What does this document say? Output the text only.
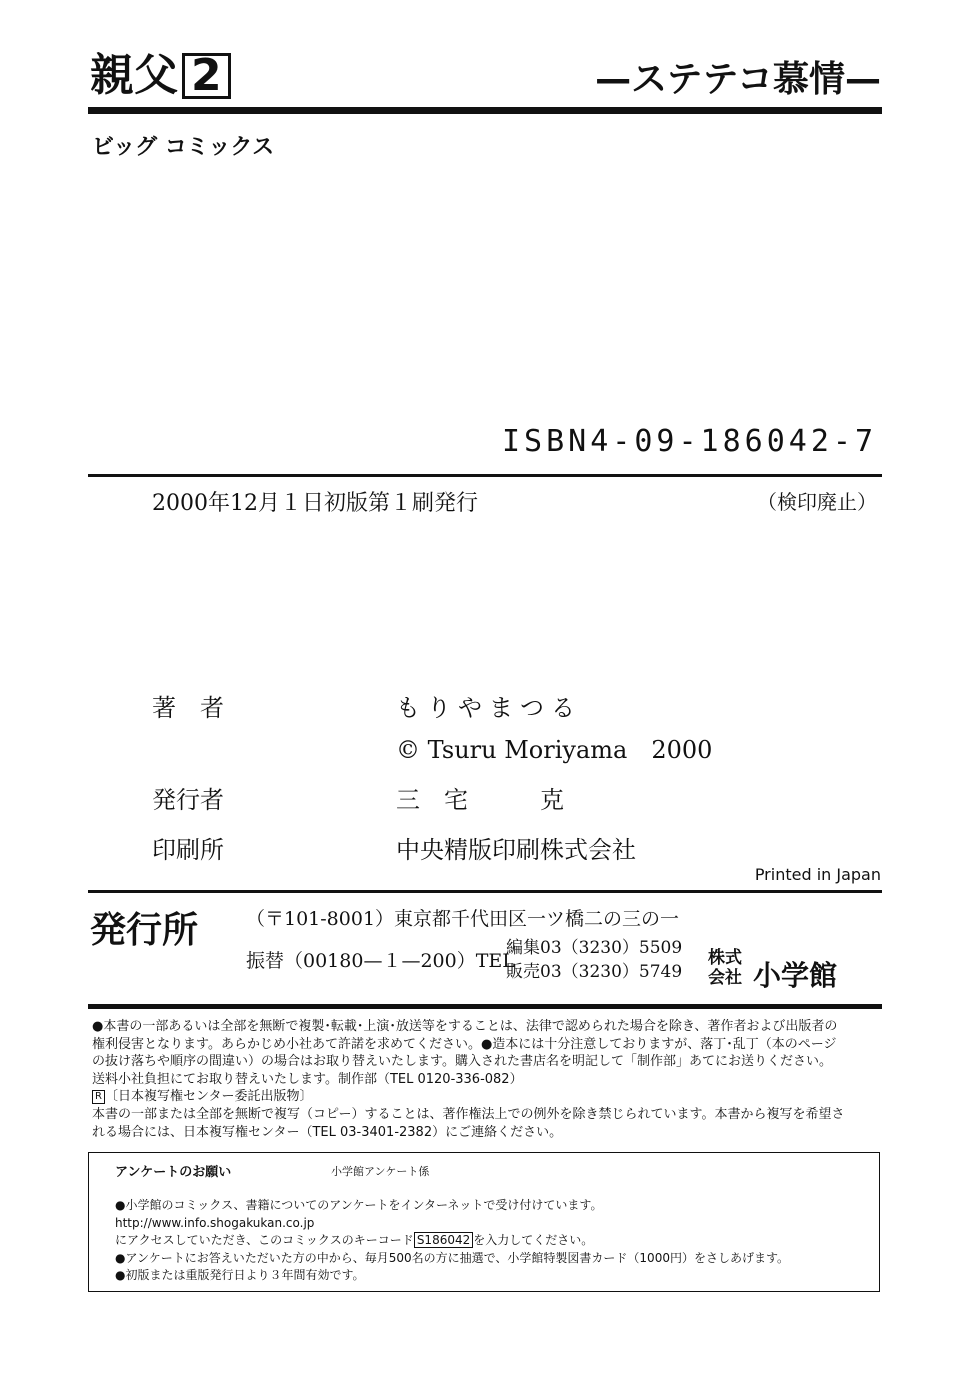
親父 2	—ステテコ慕情—
ビッグ コミックス
ISBN4-09-186042-7
2000年12月１日初版第１刷発行	（検印廃止）
著　者	もりやまつる
© Tsuru Moriyama　2000
発行者	三　宅　　　克
印刷所	中央精版印刷株式会社
Printed in Japan
発行所	（〒101-8001）東京都千代田区一ツ橋二の三の一
振替（00180—１—200）TEL
編集03（3230）5509
販売03（3230）5749
株式
会社 小学館
●本書の一部あるいは全部を無断で複製･転載･上演･放送等をすることは、法律で認められた場合を除き、著作者および出版者の
権利侵害となります。あらかじめ小社あて許諾を求めてください。●造本には十分注意しておりますが、落丁･乱丁（本のページ
の抜け落ちや順序の間違い）の場合はお取り替えいたします。購入された書店名を明記して「制作部」あてにお送りください。
送料小社負担にてお取り替えいたします。制作部（TEL 0120-336-082）
R 〔日本複写権センター委託出版物〕
本書の一部または全部を無断で複写（コピー）することは、著作権法上での例外を除き禁じられています。本書から複写を希望さ
れる場合には、日本複写権センター（TEL 03-3401-2382）にご連絡ください。
アンケートのお願い	小学館アンケート係
●小学館のコミックス、書籍についてのアンケートをインターネットで受け付けています。
http://www.info.shogakukan.co.jp
にアクセスしていただき、このコミックスのキーコード S186042 を入力してください。
●アンケートにお答えいただいた方の中から、毎月500名の方に抽選で、小学館特製図書カード（1000円）をさしあげます。
●初版または重版発行日より３年間有効です。
